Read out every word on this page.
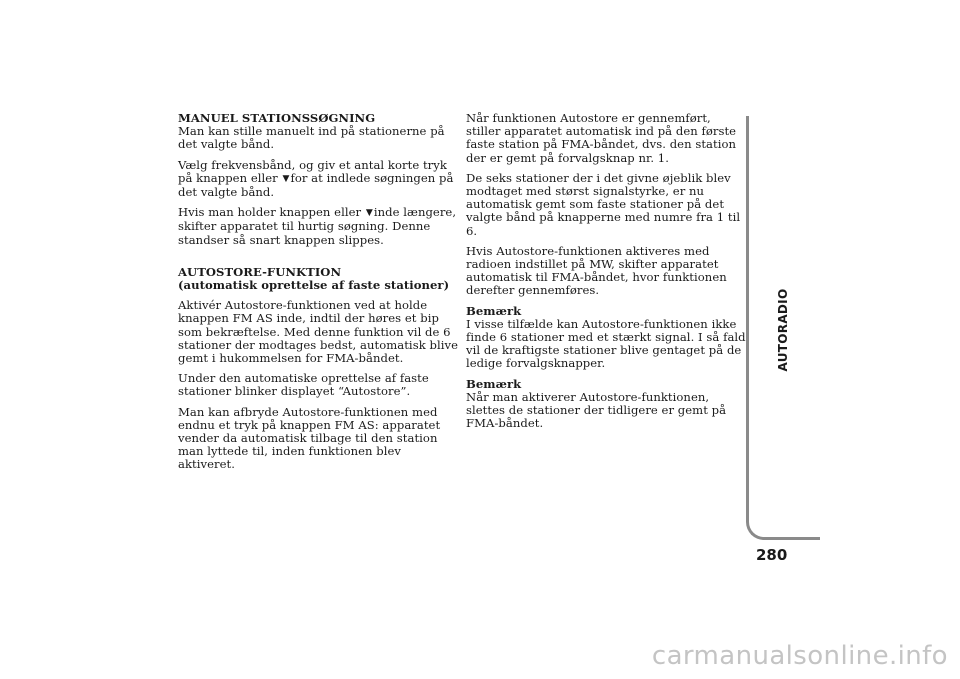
MANUEL STATIONSSØGNING

Man kan stille manuelt ind på stationerne på det valgte bånd.

Vælg frekvensbånd, og giv et antal korte tryk på knappen eller ▼for at indlede søgningen på det valgte bånd.

Hvis man holder knappen eller ▼inde længere, skifter apparatet til hurtig søgning. Denne standser så snart knappen slippes.

AUTOSTORE-FUNKTION

(automatisk oprettelse af faste stationer)

Aktivér Autostore-funktionen ved at holde knappen FM AS inde, indtil der høres et bip som bekræftelse. Med denne funktion vil de 6 stationer der modtages bedst, automatisk blive gemt i hukommelsen for FMA-båndet.

Under den automatiske oprettelse af faste stationer blinker displayet “Autostore”.

Man kan afbryde Autostore-funktionen med endnu et tryk på knappen FM AS: apparatet vender da automatisk tilbage til den station man lyttede til, inden funktionen blev aktiveret.

Når funktionen Autostore er gennemført, stiller apparatet automatisk ind på den første faste station på FMA-båndet, dvs. den station der er gemt på forvalgsknap nr. 1.

De seks stationer der i det givne øjeblik blev modtaget med størst signalstyrke, er nu automatisk gemt som faste stationer på det valgte bånd på knapperne med numre fra 1 til 6.

Hvis Autostore-funktionen aktiveres med radioen indstillet på MW, skifter apparatet automatisk til FMA-båndet, hvor funktionen derefter gennemføres.

Bemærk

I visse tilfælde kan Autostore-funktionen ikke finde 6 stationer med et stærkt signal. I så fald vil de kraftigste stationer blive gentaget på de ledige forvalgsknapper.

Bemærk

Når man aktiverer Autostore-funktionen, slettes de stationer der tidligere er gemt på FMA-båndet.

AUTORADIO
280
carmanualsonline.info
